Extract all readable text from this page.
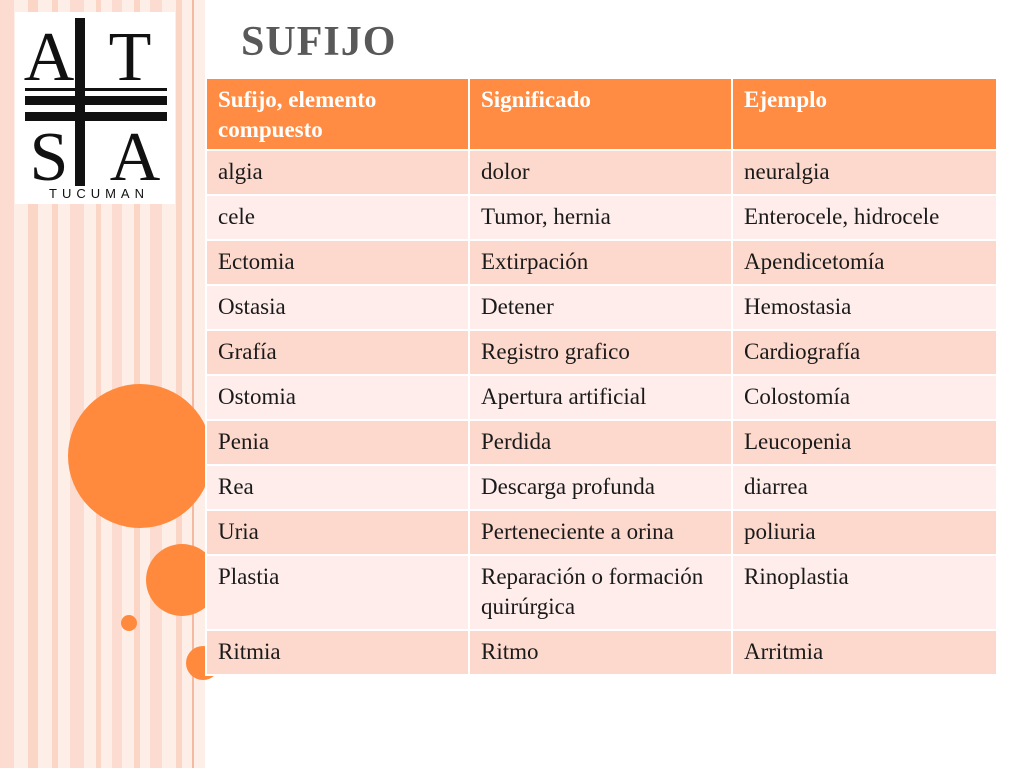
A T
S A
TUCUMAN
SUFIJO
Sufijo, elemento compuesto	Significado	Ejemplo
algia	dolor	neuralgia
cele	Tumor, hernia	Enterocele, hidrocele
Ectomia	Extirpación	Apendicetomía
Ostasia	Detener	Hemostasia
Grafía	Registro grafico	Cardiografía
Ostomia	Apertura artificial	Colostomía
Penia	Perdida	Leucopenia
Rea	Descarga profunda	diarrea
Uria	Perteneciente a orina	poliuria
Plastia	Reparación o formación quirúrgica	Rinoplastia
Ritmia	Ritmo	Arritmia
